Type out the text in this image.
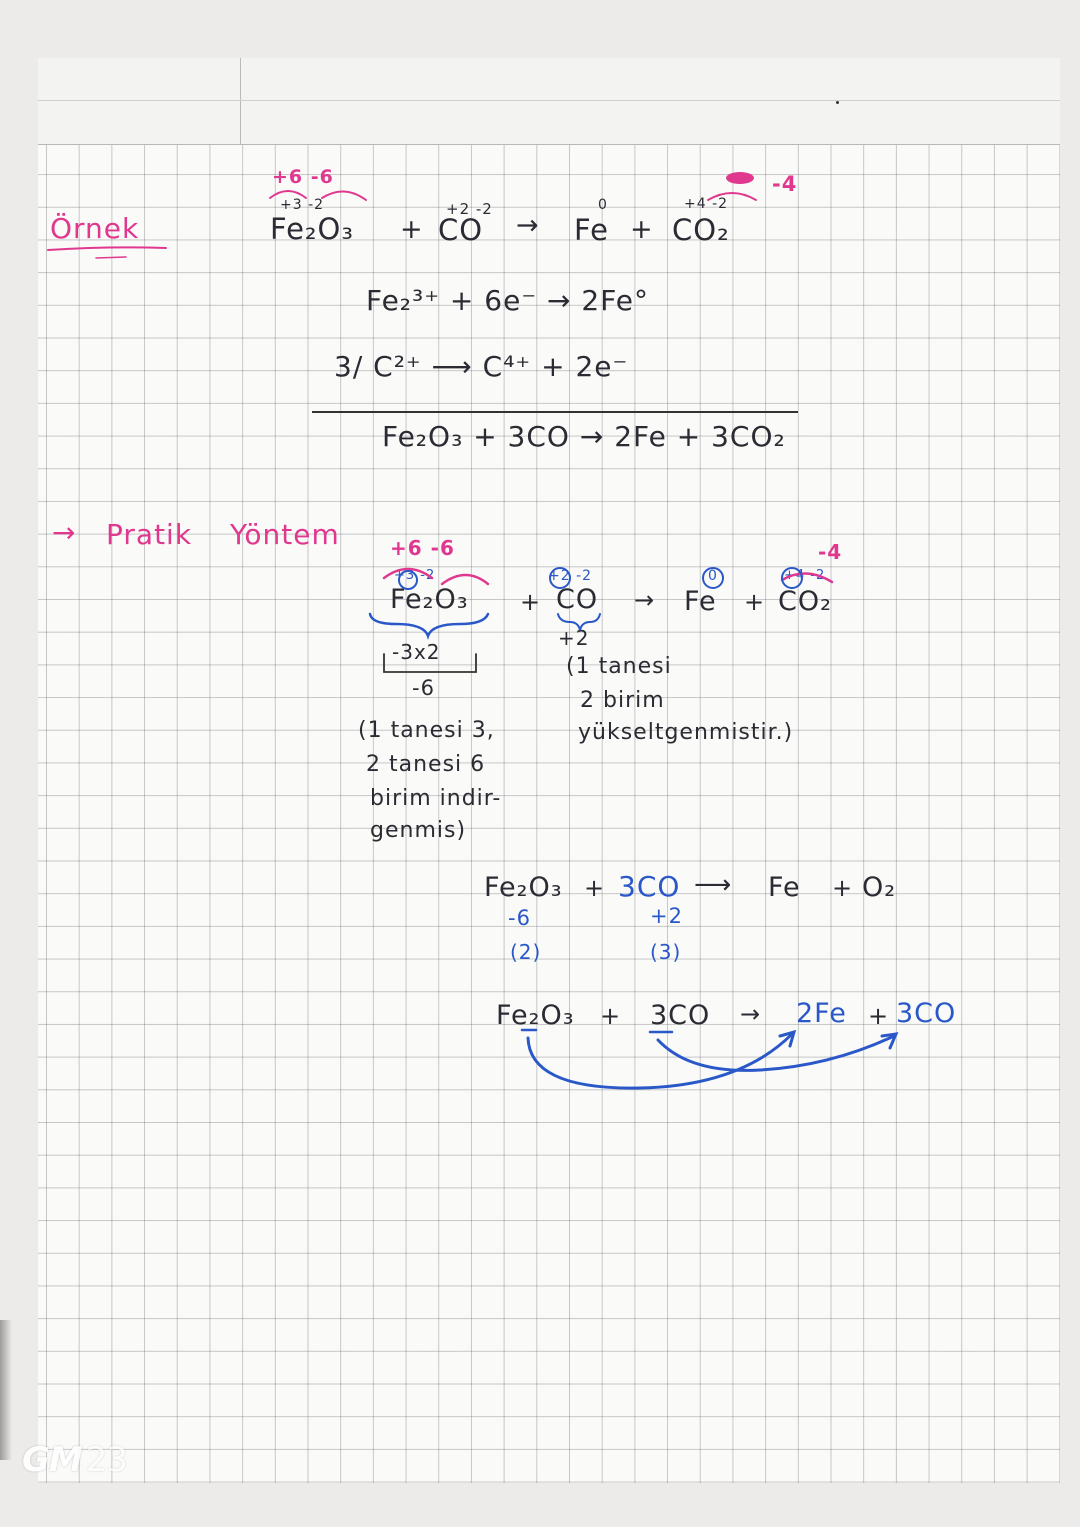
Örnek
+6 -6
+3 -2
Fe₂O₃ +
+2 -2
CO →
0
Fe +
-4
+4 -2
CO₂
Fe₂³⁺ + 6e⁻ → 2Fe°
3/ C²⁺ ⟶ C⁴⁺ + 2e⁻
Fe₂O₃ + 3CO → 2Fe + 3CO₂
→ Pratik Yöntem	+6 -6
+3 -2
Fe₂O₃ +
+2 -2
CO →
0
Fe +
-4
+4 -2
CO₂
-3x2
-6
+2
(1 tanesi 3,
2 tanesi 6
birim indir-
genmis)
(1 tanesi
2 birim
yükseltgenmistir.)
Fe₂O₃ + 3CO ⟶ Fe + O₂
-6	+2
(2)	(3)
Fe₂O₃ + 3CO → 2Fe + 3CO
GM 23
